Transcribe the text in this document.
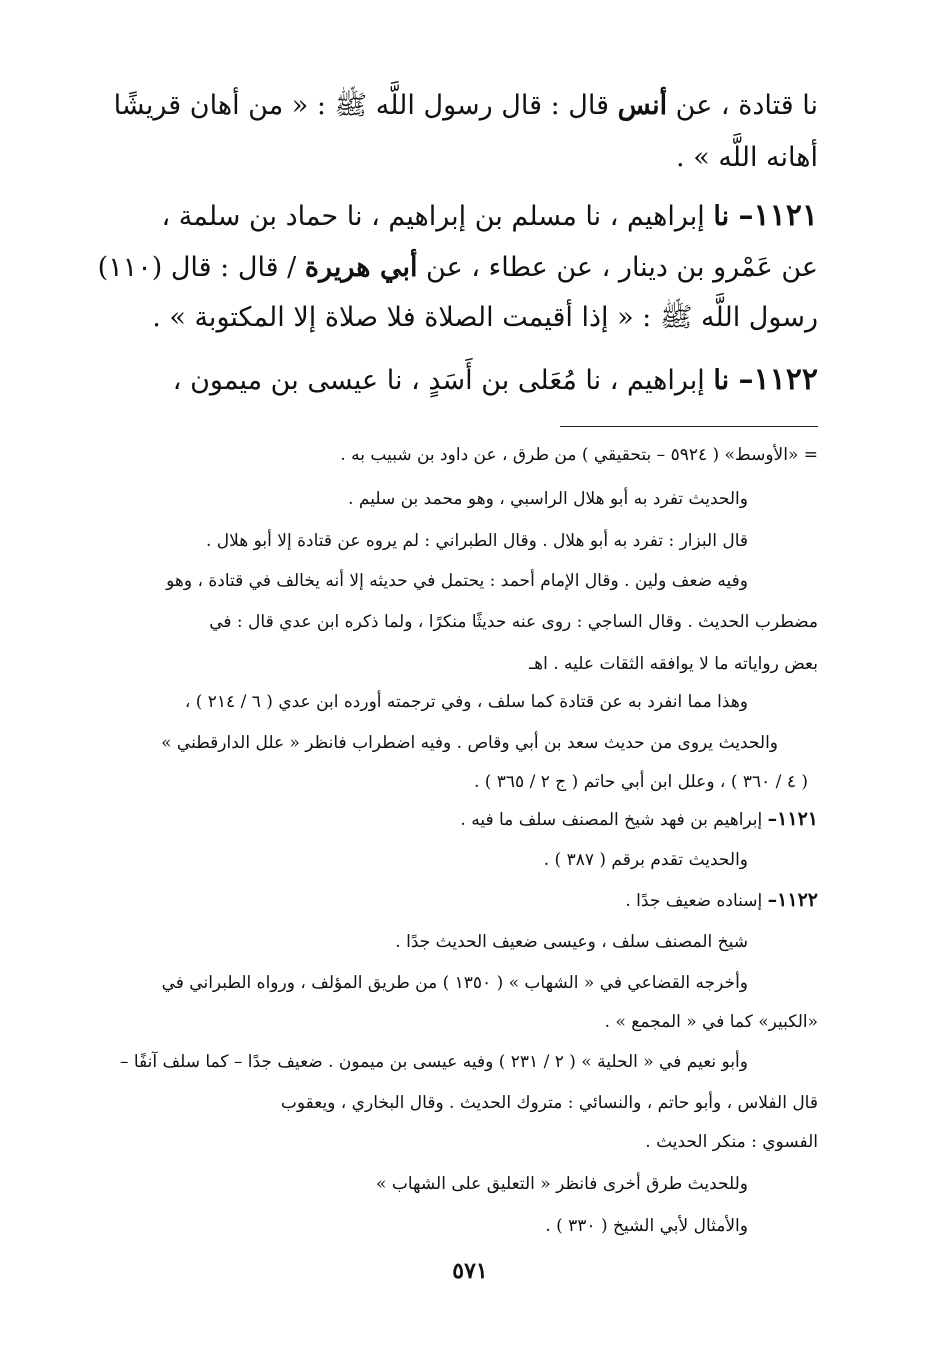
نا قتادة ، عن أنس قال : قال رسول اللَّه ﷺ : « من أهان قريشًا

أهانه اللَّه » .

١١٢١– نا إبراهيم ، نا مسلم بن إبراهيم ، نا حماد بن سلمة ،

عن عَمْرو بن دينار ، عن عطاء ، عن أبي هريرة / قال : قال (١١٠)

رسول اللَّه ﷺ : « إذا أقيمت الصلاة فلا صلاة إلا المكتوبة » .

١١٢٢– نا إبراهيم ، نا مُعَلى بن أَسَدٍ ، نا عيسى بن ميمون ،

= «الأوسط» ( ٥٩٢٤ – بتحقيقي ) من طرق ، عن داود بن شبيب به .

والحديث تفرد به أبو هلال الراسبي ، وهو محمد بن سليم .

قال البزار : تفرد به أبو هلال . وقال الطبراني : لم يروه عن قتادة إلا أبو هلال .

وفيه ضعف ولين . وقال الإمام أحمد : يحتمل في حديثه إلا أنه يخالف في قتادة ، وهو

مضطرب الحديث . وقال الساجي : روى عنه حديثًا منكرًا ، ولما ذكره ابن عدي قال : في

بعض رواياته ما لا يوافقه الثقات عليه . اهـ

وهذا مما انفرد به عن قتادة كما سلف ، وفي ترجمته أورده ابن عدي ( ٦ / ٢١٤ ) ،

والحديث يروى من حديث سعد بن أبي وقاص . وفيه اضطراب فانظر « علل الدارقطني »

( ٤ / ٣٦٠ ) ، وعلل ابن أبي حاتم ( ج ٢ / ٣٦٥ ) .

١١٢١– إبراهيم بن فهد شيخ المصنف سلف ما فيه .

والحديث تقدم برقم ( ٣٨٧ ) .

١١٢٢– إسناده ضعيف جدًا .

شيخ المصنف سلف ، وعيسى ضعيف الحديث جدًا .

وأخرجه القضاعي في « الشهاب » ( ١٣٥٠ ) من طريق المؤلف ، ورواه الطبراني في

«الكبير» كما في « المجمع » .

وأبو نعيم في « الحلية » ( ٢ / ٢٣١ ) وفيه عيسى بن ميمون . ضعيف جدًا – كما سلف آنفًا –

قال الفلاس ، وأبو حاتم ، والنسائي : متروك الحديث . وقال البخاري ، ويعقوب

الفسوي : منكر الحديث .

وللحديث طرق أخرى فانظر « التعليق على الشهاب »

والأمثال لأبي الشيخ ( ٣٣٠ ) .

٥٧١
